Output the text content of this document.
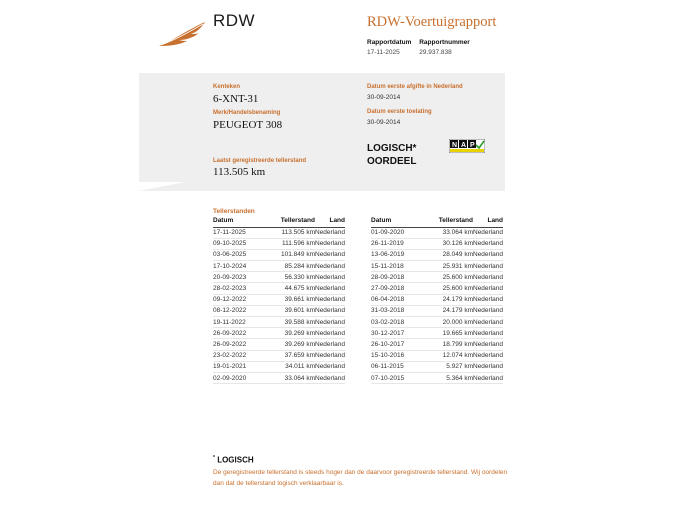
RDW	RDW-Voertuigrapport
Rapportdatum
17-11-2025

Rapportnummer
29.937.838
Kenteken
6-XNT-31
Merk/Handelsbenaming
PEUGEOT 308
Datum eerste afgifte in Nederland
30-09-2014
Datum eerste toelating
30-09-2014
Laatst geregistreerde tellerstand
113.505 km
LOGISCH*
OORDEEL
N A P
Tellerstanden
Datum	Tellerstand	Land
17-11-2025	113.505 km	Nederland
09-10-2025	111.596 km	Nederland
03-06-2025	101.849 km	Nederland
17-10-2024	85.284 km	Nederland
20-09-2023	56.330 km	Nederland
28-02-2023	44.675 km	Nederland
09-12-2022	39.661 km	Nederland
08-12-2022	39.601 km	Nederland
19-11-2022	39.588 km	Nederland
26-09-2022	39.269 km	Nederland
26-09-2022	39.269 km	Nederland
23-02-2022	37.659 km	Nederland
19-01-2021	34.011 km	Nederland
02-09-2020	33.064 km	Nederland
Datum	Tellerstand	Land
01-09-2020	33.064 km	Nederland
26-11-2019	30.126 km	Nederland
13-06-2019	28.049 km	Nederland
15-11-2018	25.931 km	Nederland
28-09-2018	25.600 km	Nederland
27-09-2018	25.600 km	Nederland
06-04-2018	24.179 km	Nederland
31-03-2018	24.179 km	Nederland
03-02-2018	20.000 km	Nederland
30-12-2017	19.665 km	Nederland
26-10-2017	18.799 km	Nederland
15-10-2016	12.074 km	Nederland
06-11-2015	5.927 km	Nederland
07-10-2015	5.364 km	Nederland
* LOGISCH
De geregistreerde tellerstand is steeds hoger dan de daarvoor geregistreerde tellerstand. Wij oordelen dan dat de tellerstand logisch verklaarbaar is.
